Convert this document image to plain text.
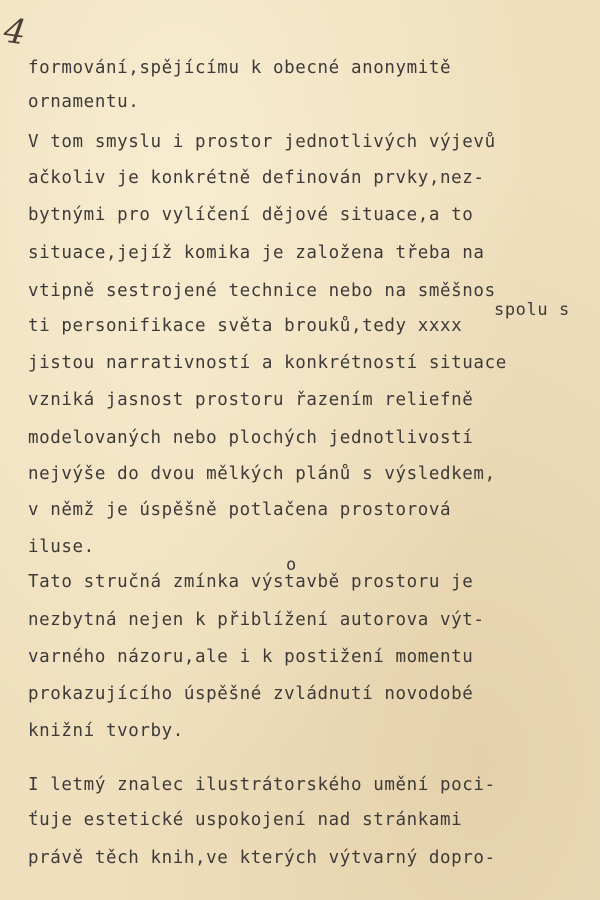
4
formování,spějícímu k obecné anonymitě
ornamentu.
V tom smyslu i prostor jednotlivých výjevů
ačkoliv je konkrétně definován prvky,nez-
bytnými pro vylíčení dějové situace,a to
situace,jejíž komika je založena třeba na
vtipně sestrojené technice nebo na směšnos
spolu s
ti personifikace světa brouků,tedy xxxx
jistou narrativností a konkrétností situace
vzniká jasnost prostoru řazením reliefně
modelovaných nebo plochých jednotlivostí
nejvýše do dvou mělkých plánů s výsledkem,
v němž je úspěšně potlačena prostorová
iluse.
o
Tato stručná zmínka výstavbě prostoru je
nezbytná nejen k přiblížení autorova výt-
varného názoru,ale i k postižení momentu
prokazujícího úspěšné zvládnutí novodobé
knižní tvorby.
I letmý znalec ilustrátorského umění poci-
ťuje estetické uspokojení nad stránkami
právě těch knih,ve kterých výtvarný dopro-
